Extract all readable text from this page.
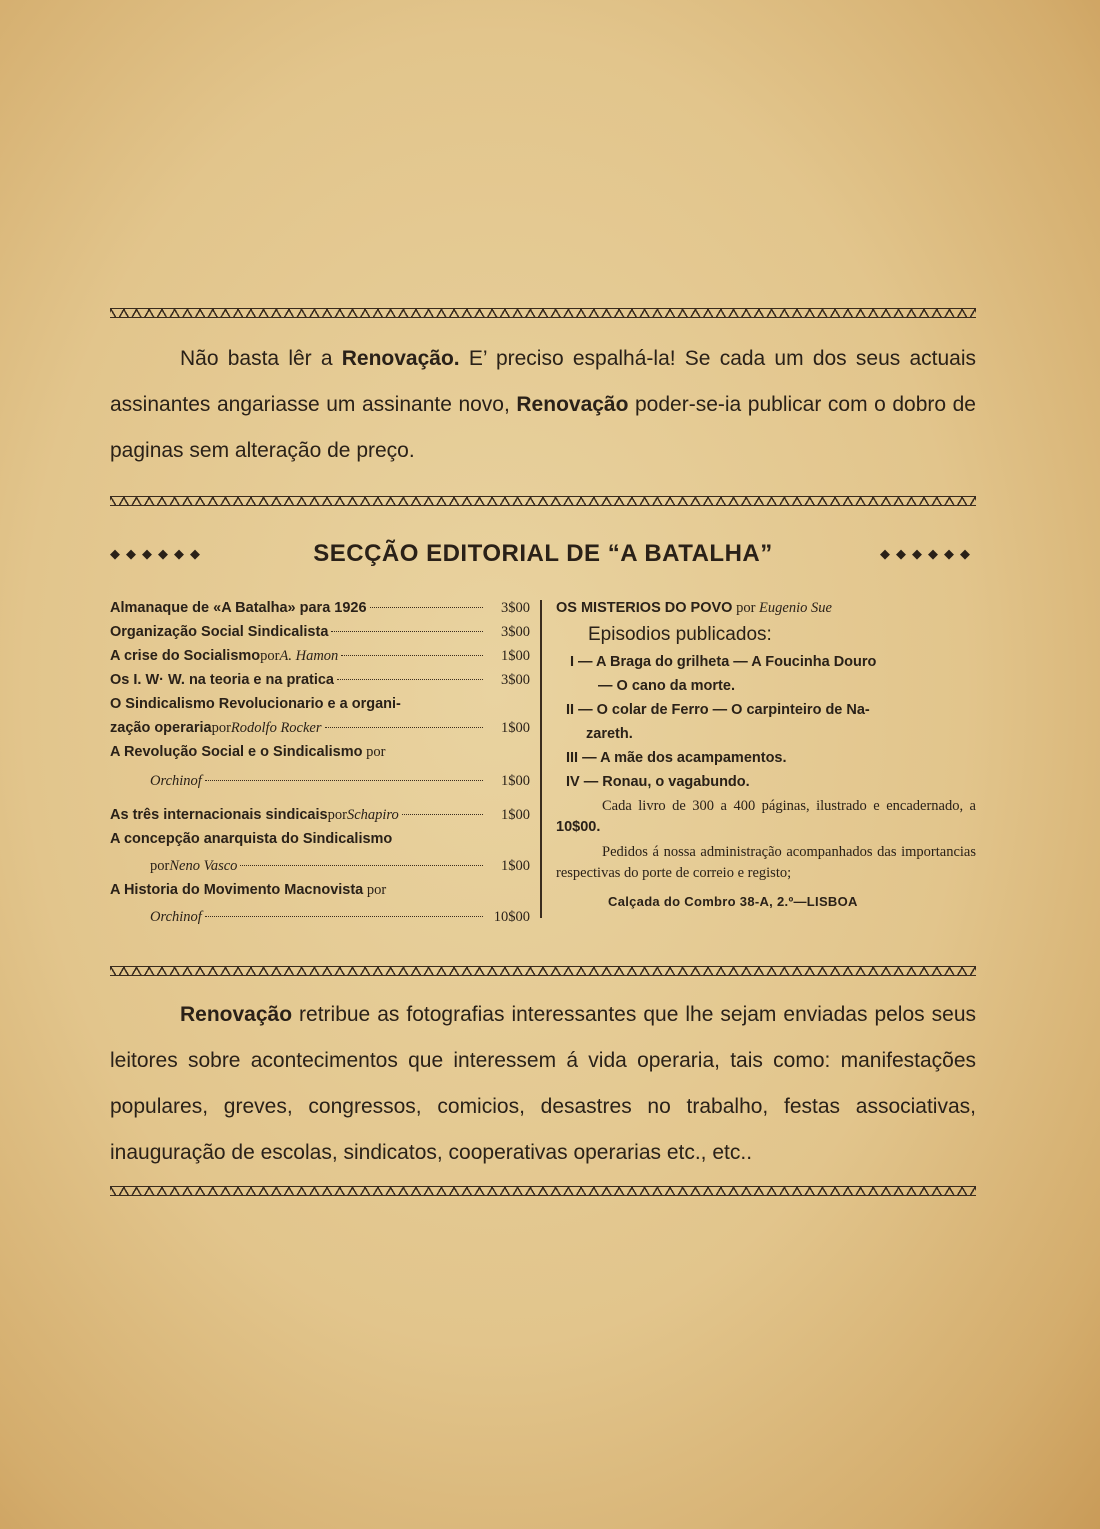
Não basta lêr a Renovação. E’ preciso espalhá-la! Se cada um dos seus actuais assinantes angariasse um assinante novo, Renovação poder-se-ia publicar com o dobro de paginas sem alteração de preço.

◆◆◆◆◆◆	SECÇÃO EDITORIAL DE “A BATALHA”	◆◆◆◆◆◆
Almanaque de «A Batalha» para 1926	3$00
Organização Social Sindicalista	3$00
A crise do Socialismo por A. Hamon	1$00
Os I. W· W. na teoria e na pratica	3$00
O Sindicalismo Revolucionario e a organi-
zação operaria por Rodolfo Rocker	1$00
A Revolução Social e o Sindicalismo por
Orchinof	1$00
As três internacionais sindicais por Schapiro	1$00
A concepção anarquista do Sindicalismo
por Neno Vasco	1$00
A Historia do Movimento Macnovista por
Orchinof	10$00
OS MISTERIOS DO POVO por Eugenio Sue
Episodios publicados:
I — A Braga do grilheta — A Foucinha Douro
— O cano da morte.
II — O colar de Ferro — O carpinteiro de Na-
zareth.
III — A mãe dos acampamentos.
IV — Ronau, o vagabundo.
Cada livro de 300 a 400 páginas, ilustrado e encadernado, a 10$00.
Pedidos á nossa administração acompanhados das importancias respectivas do porte de correio e registo;
Calçada do Combro 38-A, 2.º—LISBOA

Renovação retribue as fotografias interessantes que lhe sejam enviadas pelos seus leitores sobre acontecimentos que interessem á vida operaria, tais como: manifestações populares, greves, congressos, comicios, desastres no trabalho, festas associativas, inauguração de escolas, sindicatos, cooperativas operarias etc., etc..
